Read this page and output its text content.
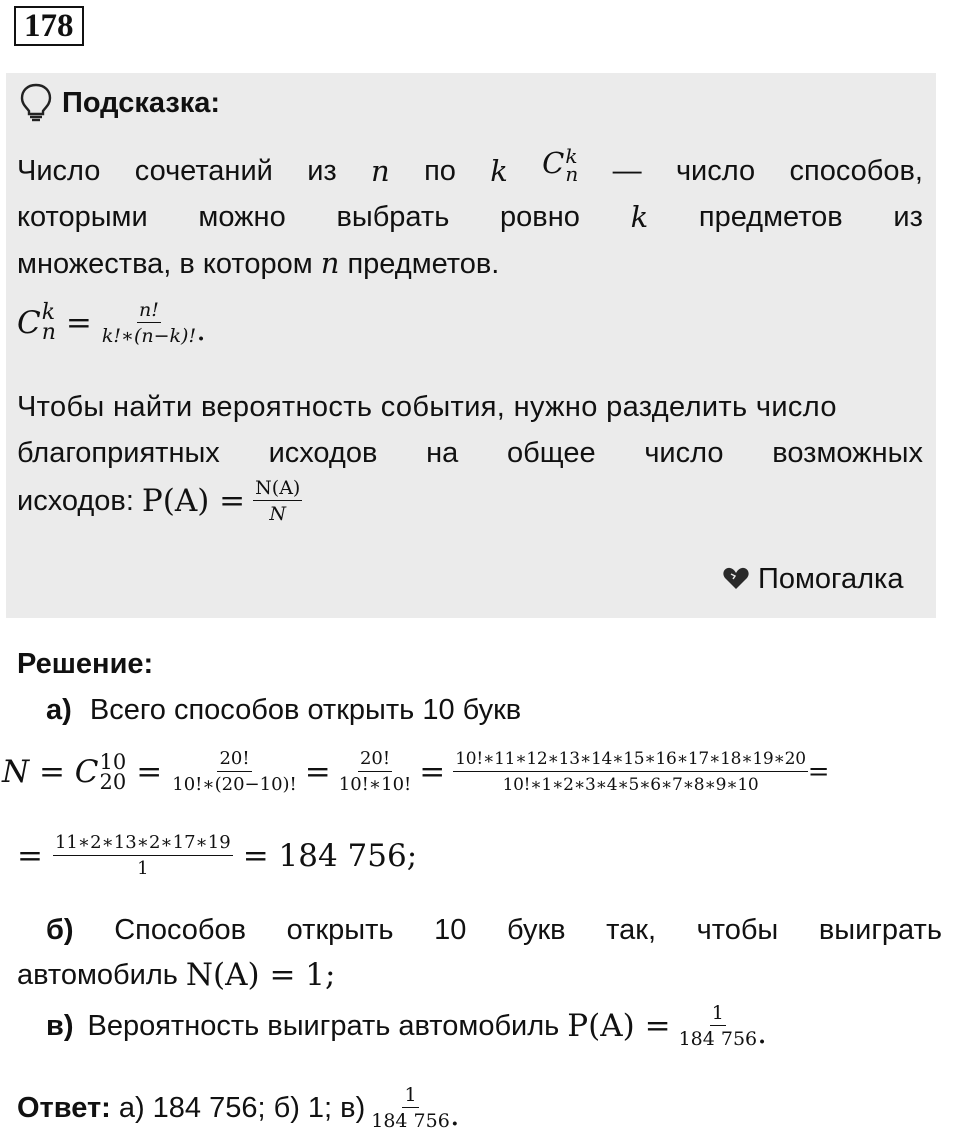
178
Подсказка:
Число сочетаний из n по k C k
n — число способов,
которыми можно выбрать ровно k предметов из
множества, в котором n предметов.
C k
$n = \frac{n!}{k!∗(n-k)!}$ .
Чтобы найти вероятность события, нужно разделить число
благоприятных исходов на общее число возможных
исходов: $P(A) = \frac{N(A)}{N}$
Помогалка
Решение:
а) Всего способов открыть 10 букв
N = C 10
$20 = \frac{20!}{10!∗(20-10)!} = \frac{20!}{10!∗10!} = \frac{10!∗11∗12∗13∗14∗15∗16∗17∗18∗19∗20}{10!∗1∗2∗3∗4∗5∗6∗7∗8∗9∗10}$ =
= $\frac{11∗2∗13∗2∗17∗19}{1} = 184$ 756;
б) Способов открыть 10 букв так, чтобы выиграть
автомобиль N(A) = 1;
в) Вероятность выиграть автомобиль $P(A) = \frac{1}{184 756}$ .
Ответ: а) 184 756; б) 1; $в) \frac{1}{184 756}$ .
